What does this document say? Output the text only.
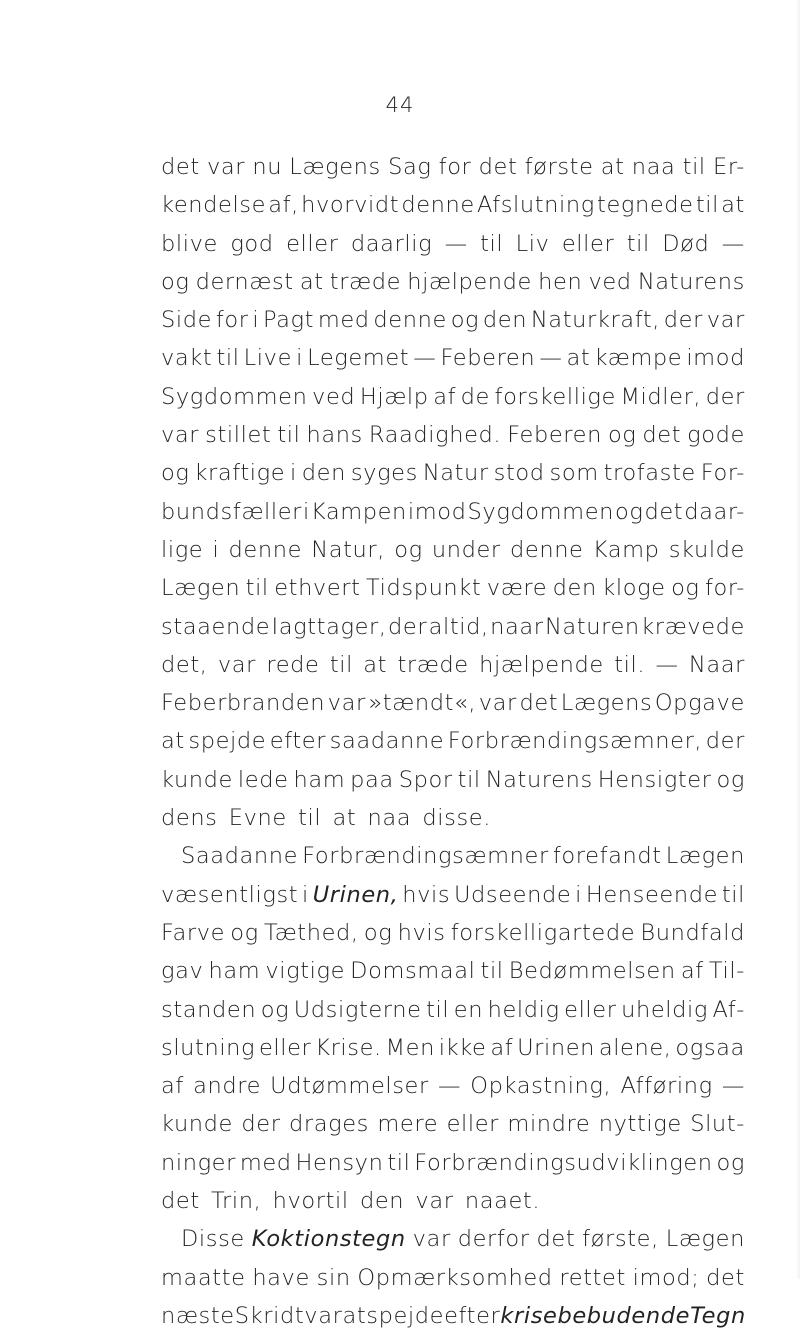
44
det var nu Lægens Sag for det første at naa til Er-
kendelse af, hvorvidt denne Afslutning tegnede til at
blive god eller daarlig — til Liv eller til Død —
og dernæst at træde hjælpende hen ved Naturens
Side for i Pagt med denne og den Naturkraft, der var
vakt til Live i Legemet — Feberen — at kæmpe imod
Sygdommen ved Hjælp af de forskellige Midler, der
var stillet til hans Raadighed. Feberen og det gode
og kraftige i den syges Natur stod som trofaste For-
bundsfæller i Kampen imod Sygdommen og det daar-
lige i denne Natur, og under denne Kamp skulde
Lægen til ethvert Tidspunkt være den kloge og for-
staaende Iagttager, der altid, naar Naturen krævede
det, var rede til at træde hjælpende til. — Naar
Feberbranden var »tændt«, var det Lægens Opgave
at spejde efter saadanne Forbrændingsæmner, der
kunde lede ham paa Spor til Naturens Hensigter og
dens Evne til at naa disse.
Saadanne Forbrændingsæmner forefandt Lægen
væsentligst i Urinen, hvis Udseende i Henseende til
Farve og Tæthed, og hvis forskelligartede Bundfald
gav ham vigtige Domsmaal til Bedømmelsen af Til-
standen og Udsigterne til en heldig eller uheldig Af-
slutning eller Krise. Men ikke af Urinen alene, ogsaa
af andre Udtømmelser — Opkastning, Afføring —
kunde der drages mere eller mindre nyttige Slut-
ninger med Hensyn til Forbrændingsudviklingen og
det Trin, hvortil den var naaet.
Disse Koktionstegn var derfor det første, Lægen
maatte have sin Opmærksomhed rettet imod; det
næste Skridt var at spejde efter krisebebudende Tegn
